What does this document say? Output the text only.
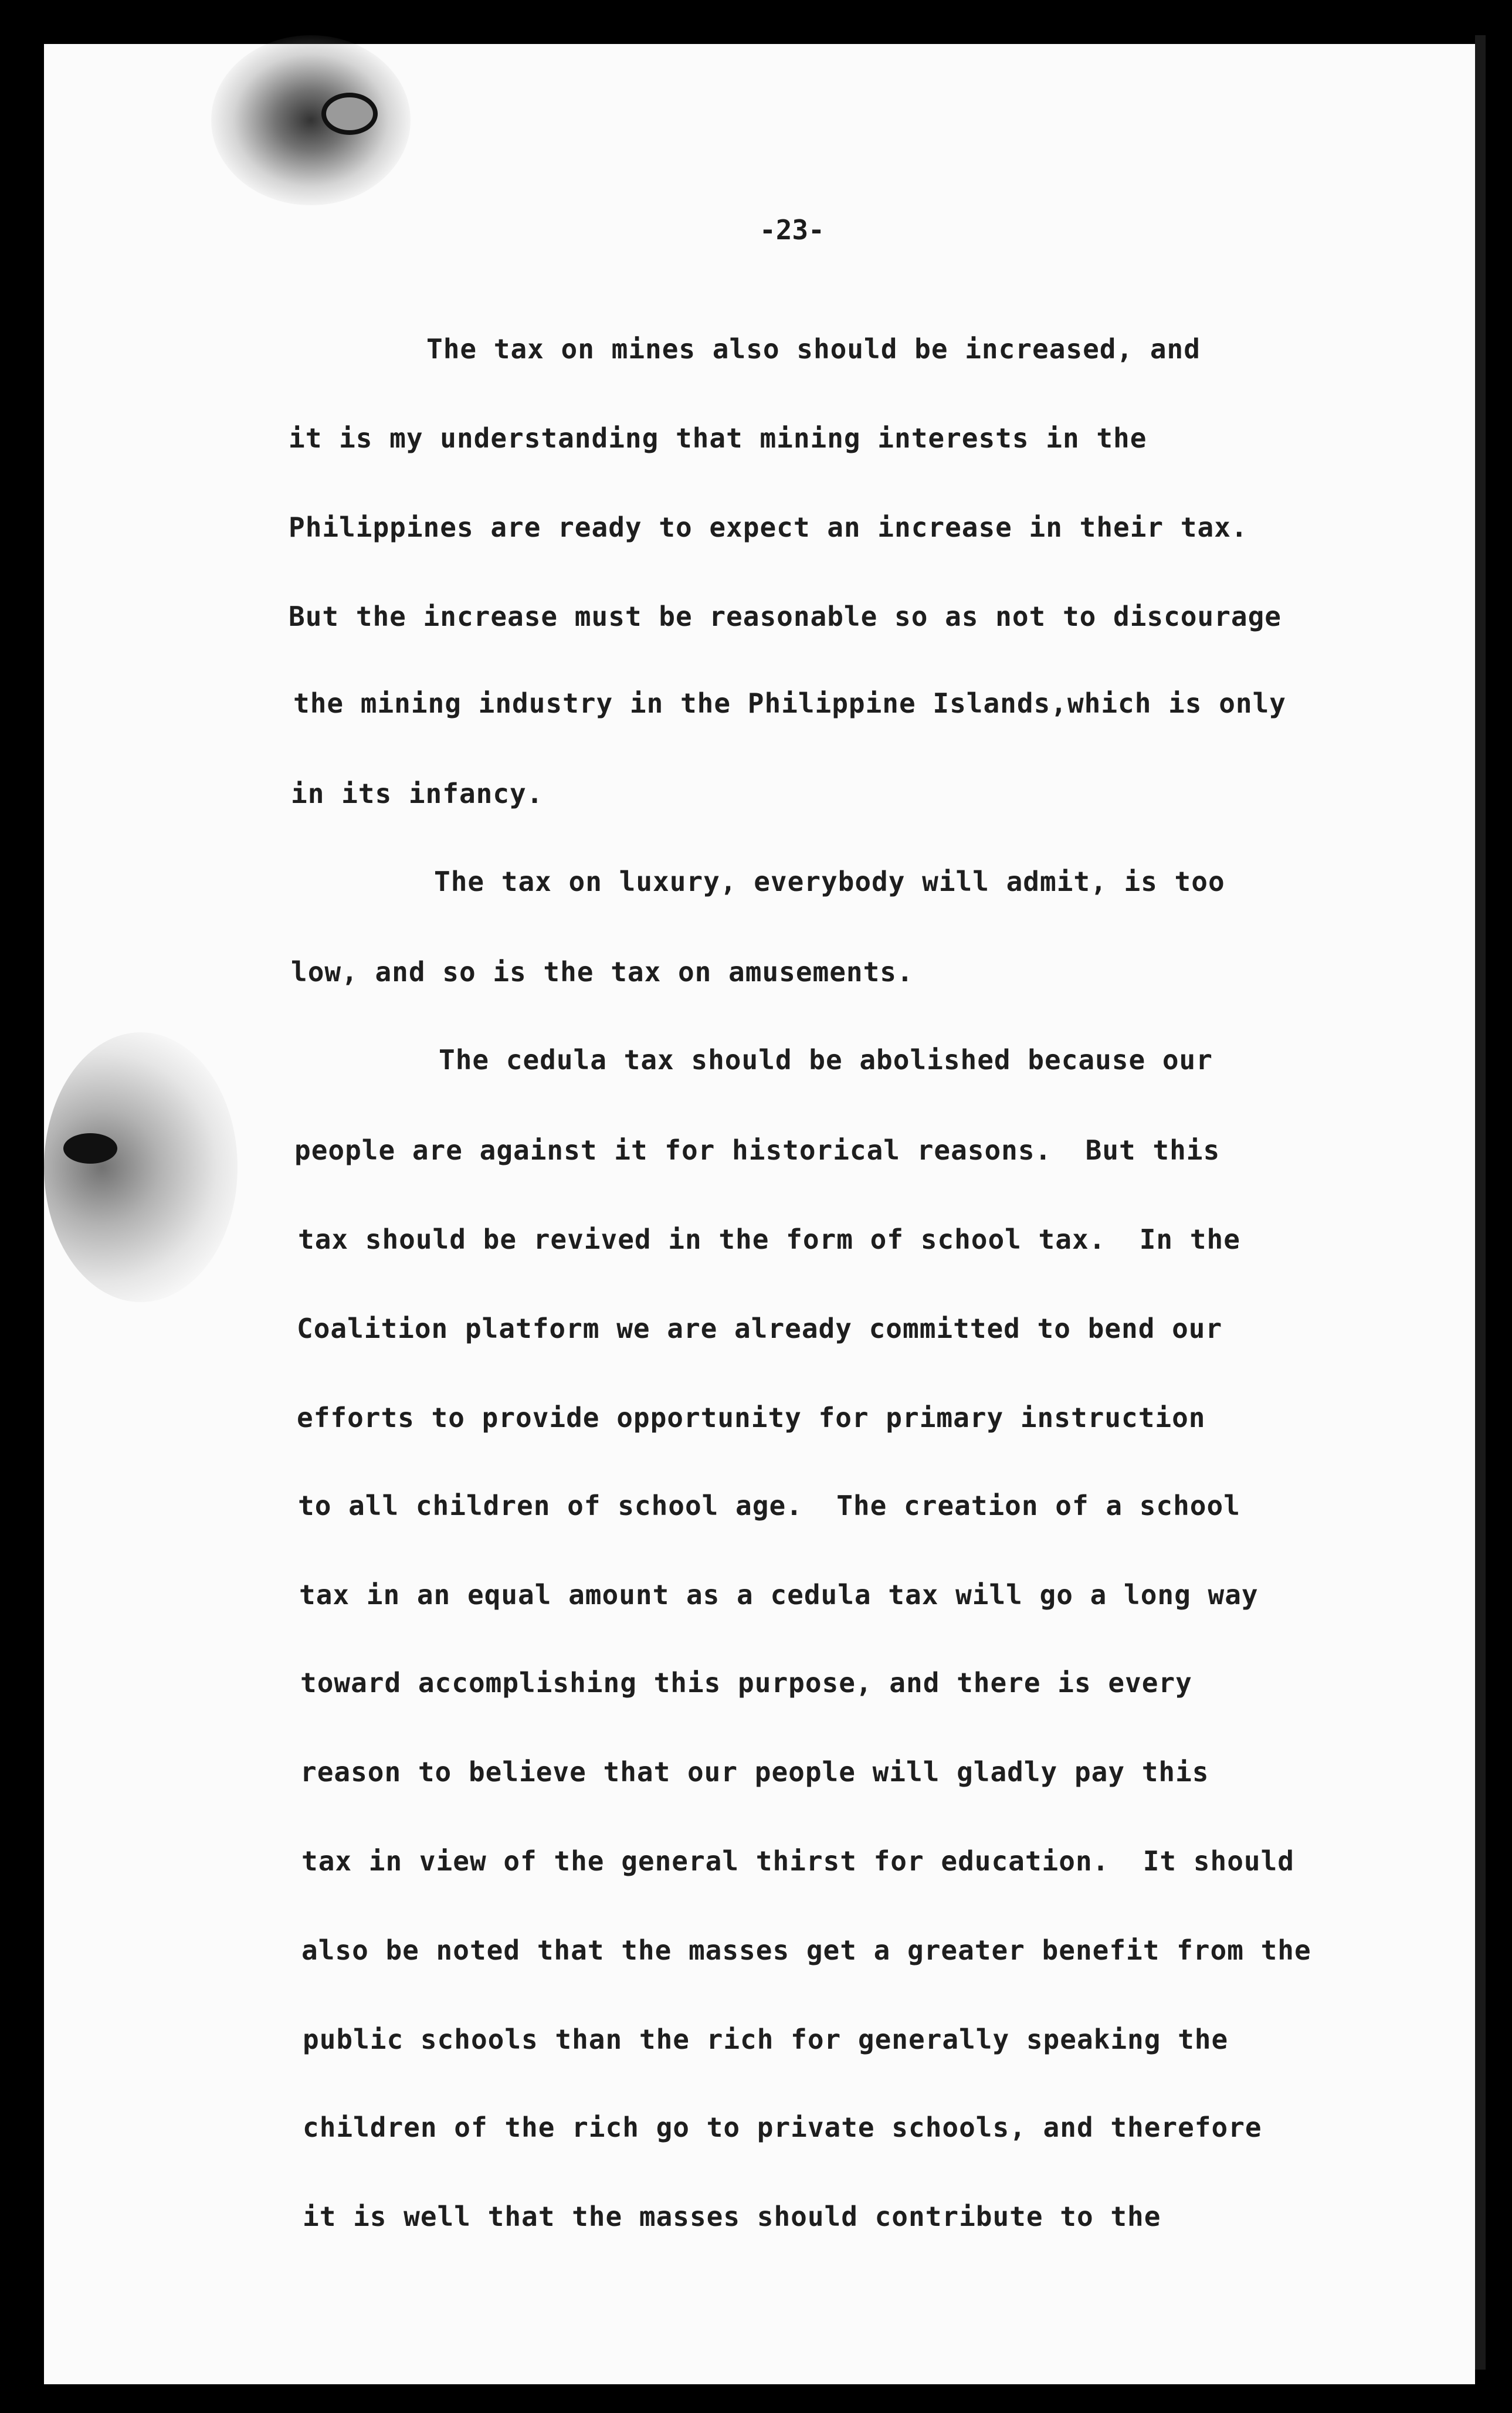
-23-
The tax on mines also should be increased, and
it is my understanding that mining interests in the
Philippines are ready to expect an increase in their tax.
But the increase must be reasonable so as not to discourage
the mining industry in the Philippine Islands,which is only
in its infancy.
The tax on luxury, everybody will admit, is too
low, and so is the tax on amusements.
The cedula tax should be abolished because our
people are against it for historical reasons.  But this
tax should be revived in the form of school tax.  In the
Coalition platform we are already committed to bend our
efforts to provide opportunity for primary instruction
to all children of school age.  The creation of a school
tax in an equal amount as a cedula tax will go a long way
toward accomplishing this purpose, and there is every
reason to believe that our people will gladly pay this
tax in view of the general thirst for education.  It should
also be noted that the masses get a greater benefit from the
public schools than the rich for generally speaking the
children of the rich go to private schools, and therefore
it is well that the masses should contribute to the
